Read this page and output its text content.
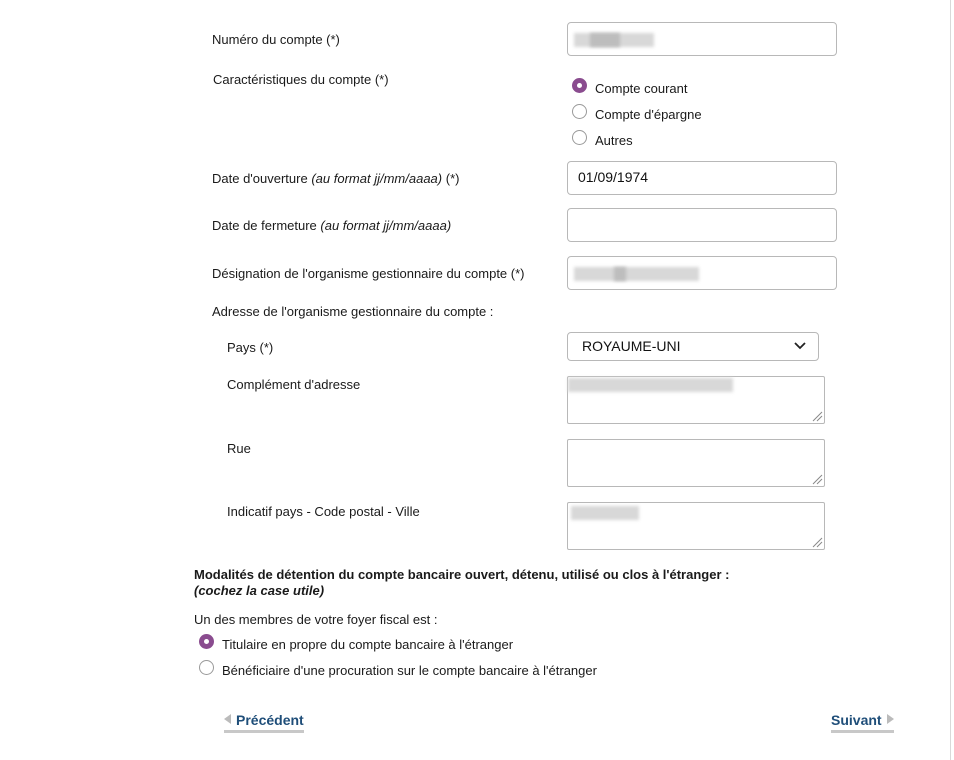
Numéro du compte (*)
Caractéristiques du compte (*)
Compte courant
Compte d'épargne
Autres
Date d'ouverture (au format jj/mm/aaaa) (*)	01/09/1974
Date de fermeture (au format jj/mm/aaaa)
Désignation de l'organisme gestionnaire du compte (*)
Adresse de l'organisme gestionnaire du compte :
Pays (*)	ROYAUME-UNI
Complément d'adresse
Rue
Indicatif pays - Code postal - Ville
Modalités de détention du compte bancaire ouvert, détenu, utilisé ou clos à l'étranger :
(cochez la case utile)
Un des membres de votre foyer fiscal est :
Titulaire en propre du compte bancaire à l'étranger
Bénéficiaire d'une procuration sur le compte bancaire à l'étranger
Précédent	Suivant
